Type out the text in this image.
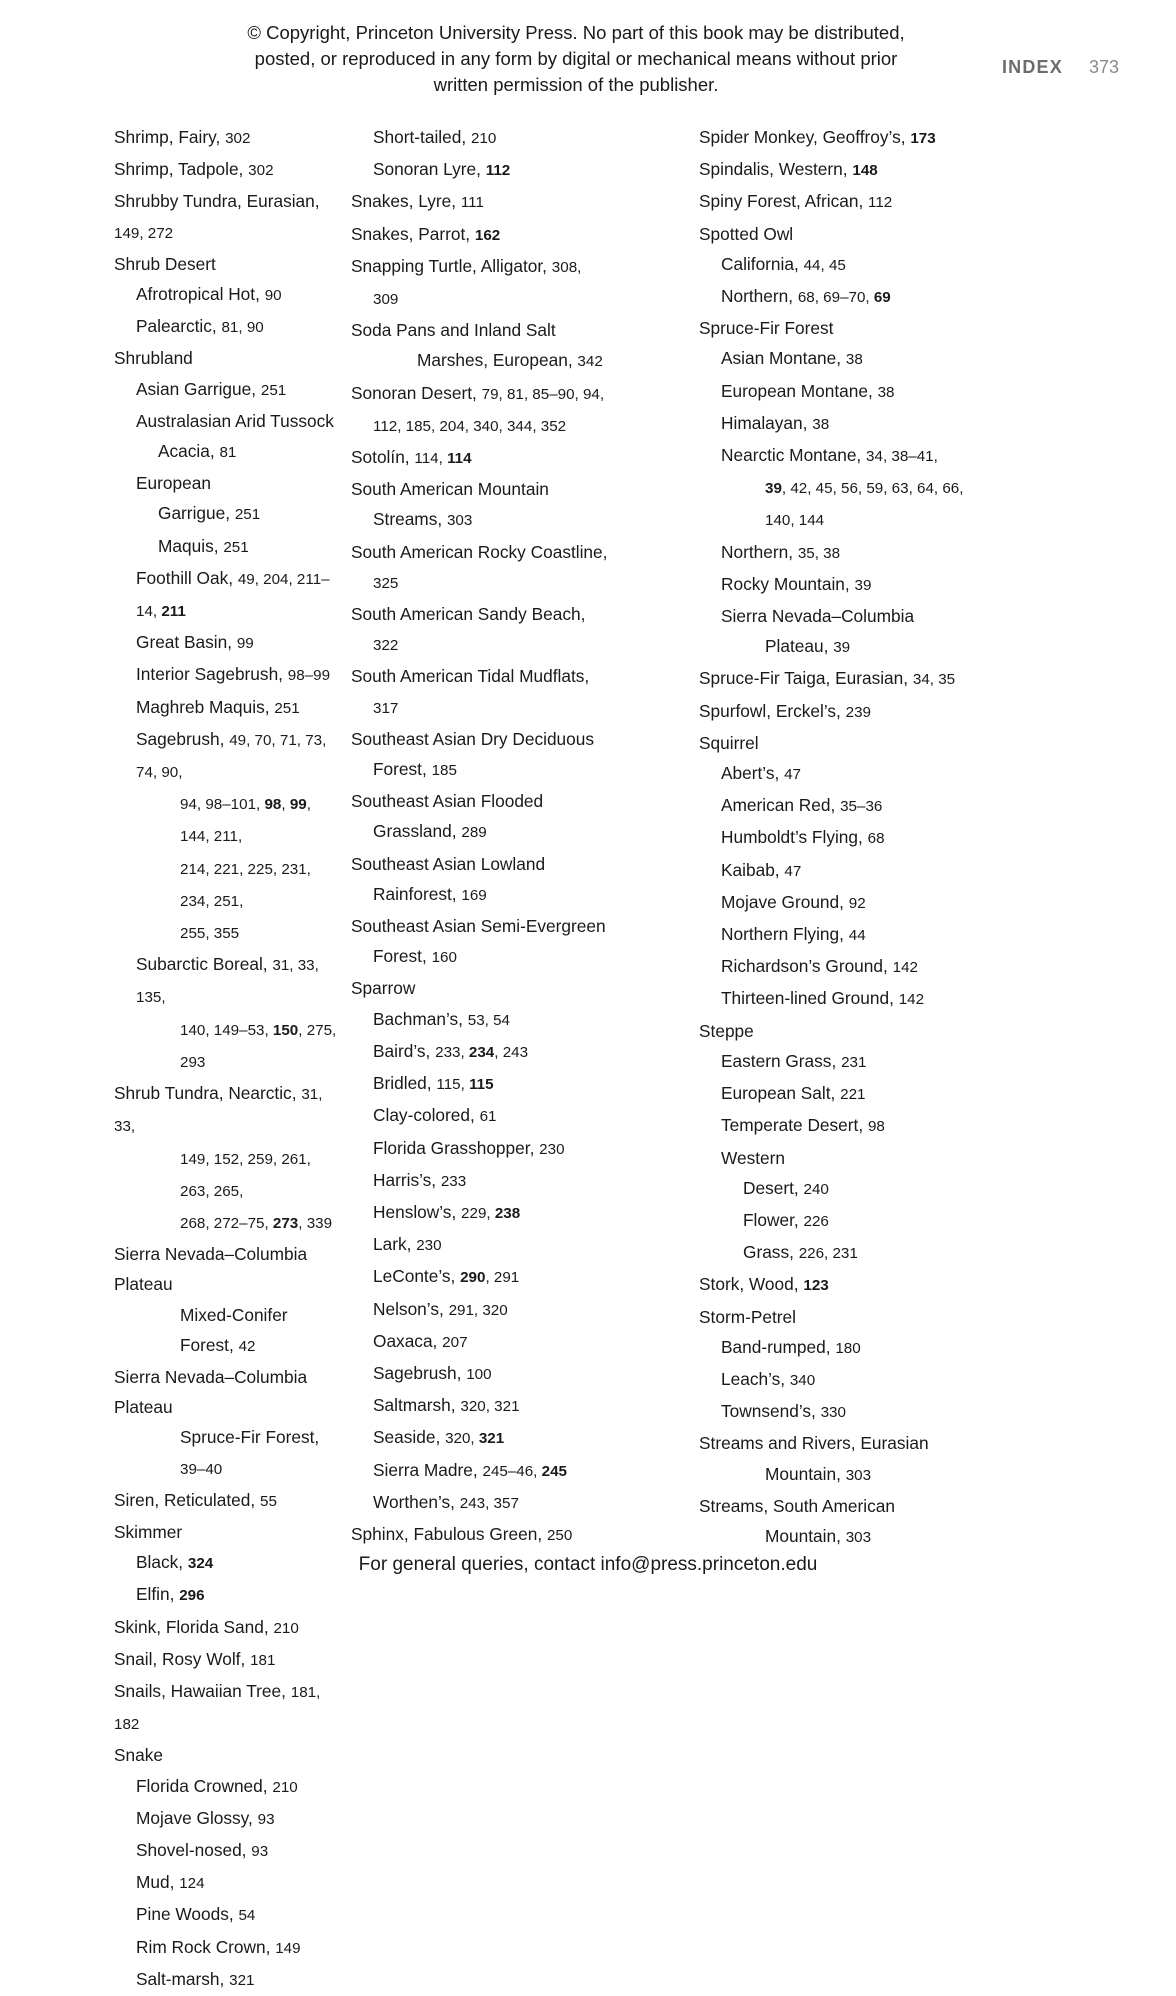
© Copyright, Princeton University Press. No part of this book may be distributed, posted, or reproduced in any form by digital or mechanical means without prior written permission of the publisher.
INDEX 373
Shrimp, Fairy, 302
Shrimp, Tadpole, 302
Shrubby Tundra, Eurasian, 149, 272
Shrub Desert
Afrotropical Hot, 90
Palearctic, 81, 90
Shrubland
Asian Garrigue, 251
Australasian Arid Tussock
Acacia, 81
European
Garrigue, 251
Maquis, 251
Foothill Oak, 49, 204, 211–14, 211
Great Basin, 99
Interior Sagebrush, 98–99
Maghreb Maquis, 251
Sagebrush, 49, 70, 71, 73, 74, 90,
94, 98–101, 98, 99, 144, 211,
214, 221, 225, 231, 234, 251,
255, 355
Subarctic Boreal, 31, 33, 135,
140, 149–53, 150, 275, 293
Shrub Tundra, Nearctic, 31, 33,
149, 152, 259, 261, 263, 265,
268, 272–75, 273, 339
Sierra Nevada–Columbia Plateau
Mixed-Conifer Forest, 42
Sierra Nevada–Columbia Plateau
Spruce-Fir Forest, 39–40
Siren, Reticulated, 55
Skimmer
Black, 324
Elfin, 296
Skink, Florida Sand, 210
Snail, Rosy Wolf, 181
Snails, Hawaiian Tree, 181, 182
Snake
Florida Crowned, 210
Mojave Glossy, 93
Shovel-nosed, 93
Mud, 124
Pine Woods, 54
Rim Rock Crown, 149
Salt-marsh, 321
Short-tailed, 210
Sonoran Lyre, 112
Snakes, Lyre, 111
Snakes, Parrot, 162
Snapping Turtle, Alligator, 308,
309
Soda Pans and Inland Salt
Marshes, European, 342
Sonoran Desert, 79, 81, 85–90, 94,
112, 185, 204, 340, 344, 352
Sotolín, 114, 114
South American Mountain
Streams, 303
South American Rocky Coastline,
325
South American Sandy Beach,
322
South American Tidal Mudflats,
317
Southeast Asian Dry Deciduous
Forest, 185
Southeast Asian Flooded
Grassland, 289
Southeast Asian Lowland
Rainforest, 169
Southeast Asian Semi-Evergreen
Forest, 160
Sparrow
Bachman’s, 53, 54
Baird’s, 233, 234, 243
Bridled, 115, 115
Clay-colored, 61
Florida Grasshopper, 230
Harris’s, 233
Henslow’s, 229, 238
Lark, 230
LeConte’s, 290, 291
Nelson’s, 291, 320
Oaxaca, 207
Sagebrush, 100
Saltmarsh, 320, 321
Seaside, 320, 321
Sierra Madre, 245–46, 245
Worthen’s, 243, 357
Sphinx, Fabulous Green, 250
Spider Monkey, Geoffroy’s, 173
Spindalis, Western, 148
Spiny Forest, African, 112
Spotted Owl
California, 44, 45
Northern, 68, 69–70, 69
Spruce-Fir Forest
Asian Montane, 38
European Montane, 38
Himalayan, 38
Nearctic Montane, 34, 38–41,
39, 42, 45, 56, 59, 63, 64, 66,
140, 144
Northern, 35, 38
Rocky Mountain, 39
Sierra Nevada–Columbia
Plateau, 39
Spruce-Fir Taiga, Eurasian, 34, 35
Spurfowl, Erckel’s, 239
Squirrel
Abert’s, 47
American Red, 35–36
Humboldt’s Flying, 68
Kaibab, 47
Mojave Ground, 92
Northern Flying, 44
Richardson’s Ground, 142
Thirteen-lined Ground, 142
Steppe
Eastern Grass, 231
European Salt, 221
Temperate Desert, 98
Western
Desert, 240
Flower, 226
Grass, 226, 231
Stork, Wood, 123
Storm-Petrel
Band-rumped, 180
Leach’s, 340
Townsend’s, 330
Streams and Rivers, Eurasian
Mountain, 303
Streams, South American
Mountain, 303
For general queries, contact info@press.princeton.edu
